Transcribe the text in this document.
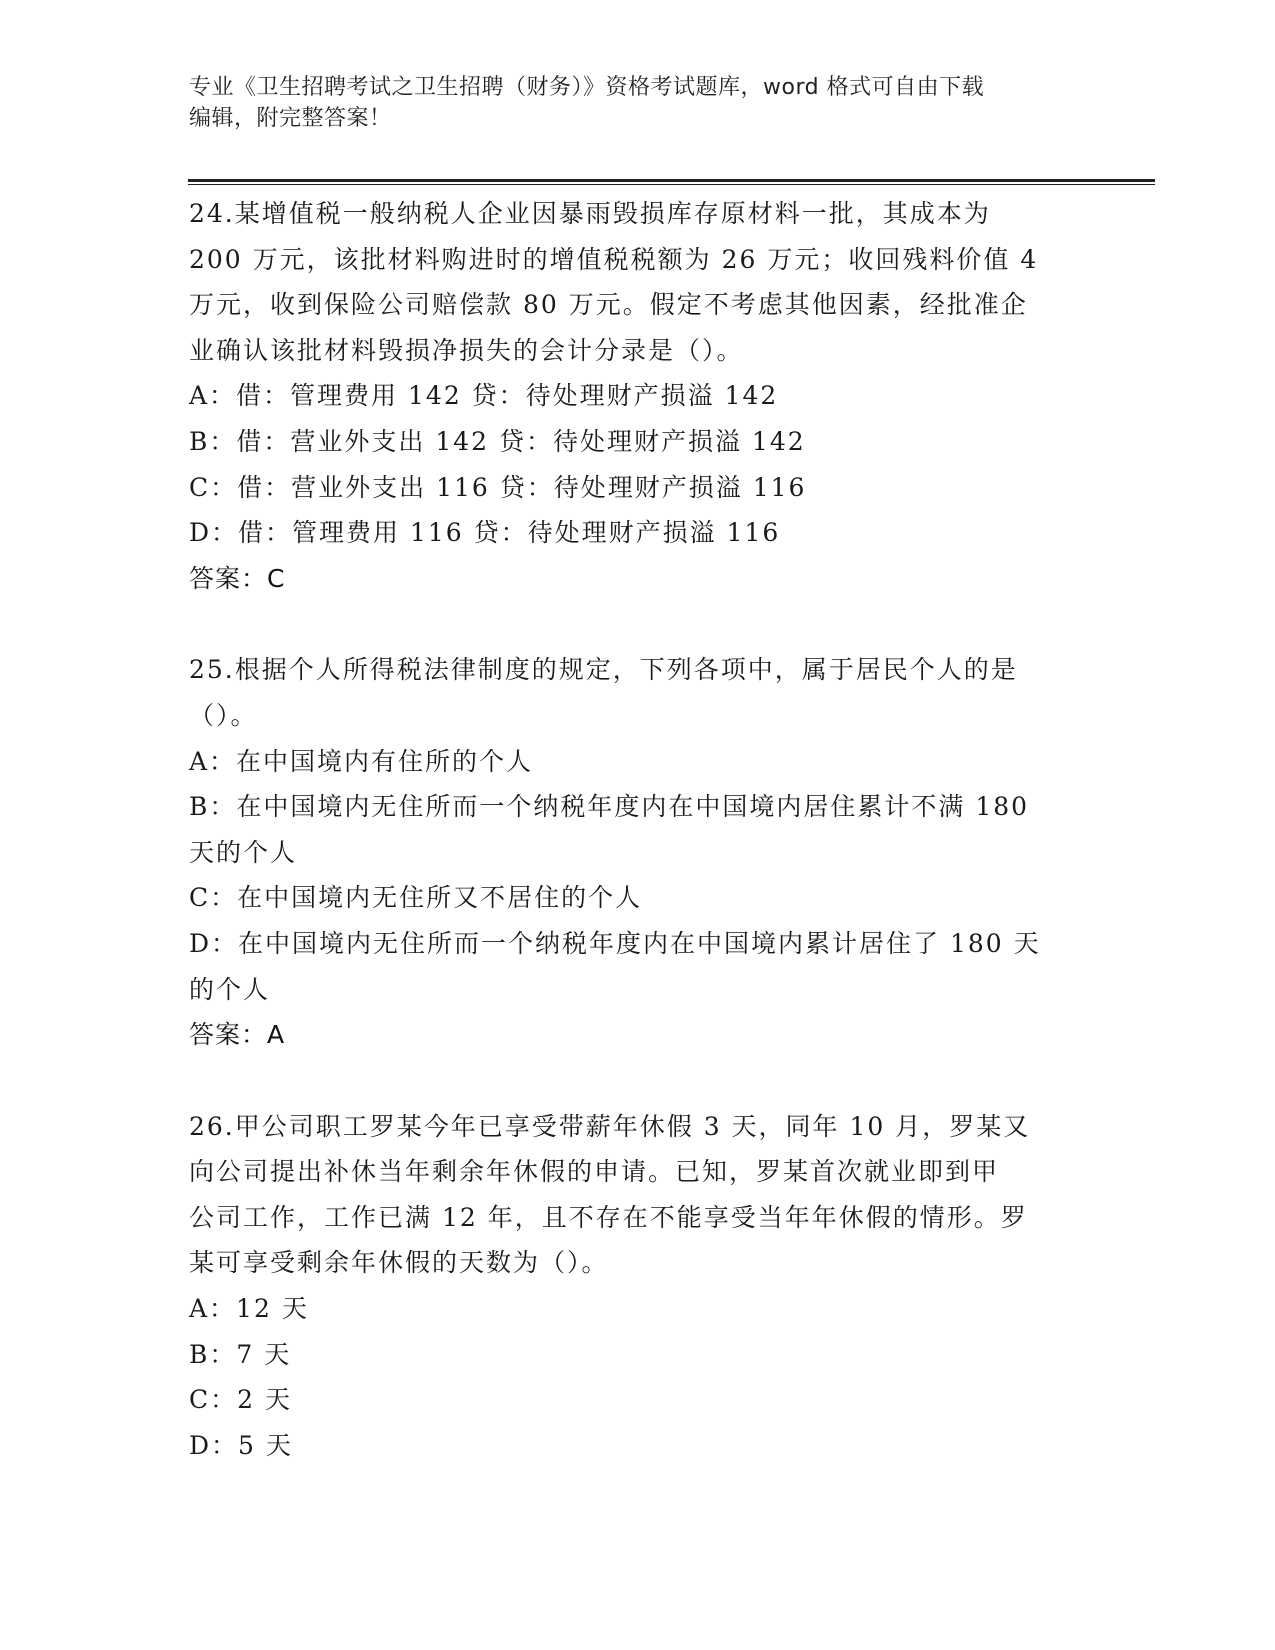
专业《卫生招聘考试之卫生招聘（财务）》资格考试题库，word 格式可自由下载
编辑，附完整答案！
24.某增值税一般纳税人企业因暴雨毁损库存原材料一批，其成本为
200 万元，该批材料购进时的增值税税额为 26 万元；收回残料价值 4
万元，收到保险公司赔偿款 80 万元。假定不考虑其他因素，经批准企
业确认该批材料毁损净损失的会计分录是（）。
A：借：管理费用 142 贷：待处理财产损溢 142
B：借：营业外支出 142 贷：待处理财产损溢 142
C：借：营业外支出 116 贷：待处理财产损溢 116
D：借：管理费用 116 贷：待处理财产损溢 116
答案：C
25.根据个人所得税法律制度的规定，下列各项中，属于居民个人的是
（）。
A：在中国境内有住所的个人
B：在中国境内无住所而一个纳税年度内在中国境内居住累计不满 180
天的个人
C：在中国境内无住所又不居住的个人
D：在中国境内无住所而一个纳税年度内在中国境内累计居住了 180 天
的个人
答案：A
26.甲公司职工罗某今年已享受带薪年休假 3 天，同年 10 月，罗某又
向公司提出补休当年剩余年休假的申请。已知，罗某首次就业即到甲
公司工作，工作已满 12 年，且不存在不能享受当年年休假的情形。罗
某可享受剩余年休假的天数为（）。
A：12 天
B：7 天
C：2 天
D：5 天
